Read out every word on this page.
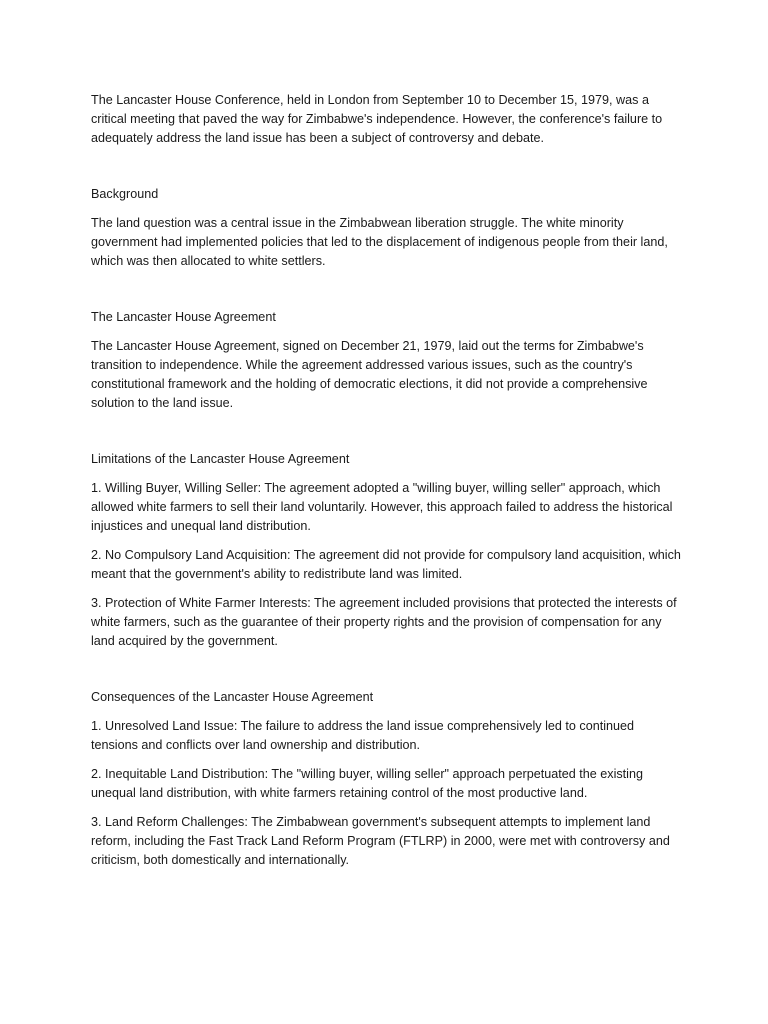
The Lancaster House Conference, held in London from September 10 to December 15, 1979, was a critical meeting that paved the way for Zimbabwe's independence. However, the conference's failure to adequately address the land issue has been a subject of controversy and debate.

Background

The land question was a central issue in the Zimbabwean liberation struggle. The white minority government had implemented policies that led to the displacement of indigenous people from their land, which was then allocated to white settlers.

The Lancaster House Agreement

The Lancaster House Agreement, signed on December 21, 1979, laid out the terms for Zimbabwe's transition to independence. While the agreement addressed various issues, such as the country's constitutional framework and the holding of democratic elections, it did not provide a comprehensive solution to the land issue.

Limitations of the Lancaster House Agreement

1. Willing Buyer, Willing Seller: The agreement adopted a "willing buyer, willing seller" approach, which allowed white farmers to sell their land voluntarily. However, this approach failed to address the historical injustices and unequal land distribution.

2. No Compulsory Land Acquisition: The agreement did not provide for compulsory land acquisition, which meant that the government's ability to redistribute land was limited.

3. Protection of White Farmer Interests: The agreement included provisions that protected the interests of white farmers, such as the guarantee of their property rights and the provision of compensation for any land acquired by the government.

Consequences of the Lancaster House Agreement

1. Unresolved Land Issue: The failure to address the land issue comprehensively led to continued tensions and conflicts over land ownership and distribution.

2. Inequitable Land Distribution: The "willing buyer, willing seller" approach perpetuated the existing unequal land distribution, with white farmers retaining control of the most productive land.

3. Land Reform Challenges: The Zimbabwean government's subsequent attempts to implement land reform, including the Fast Track Land Reform Program (FTLRP) in 2000, were met with controversy and criticism, both domestically and internationally.
